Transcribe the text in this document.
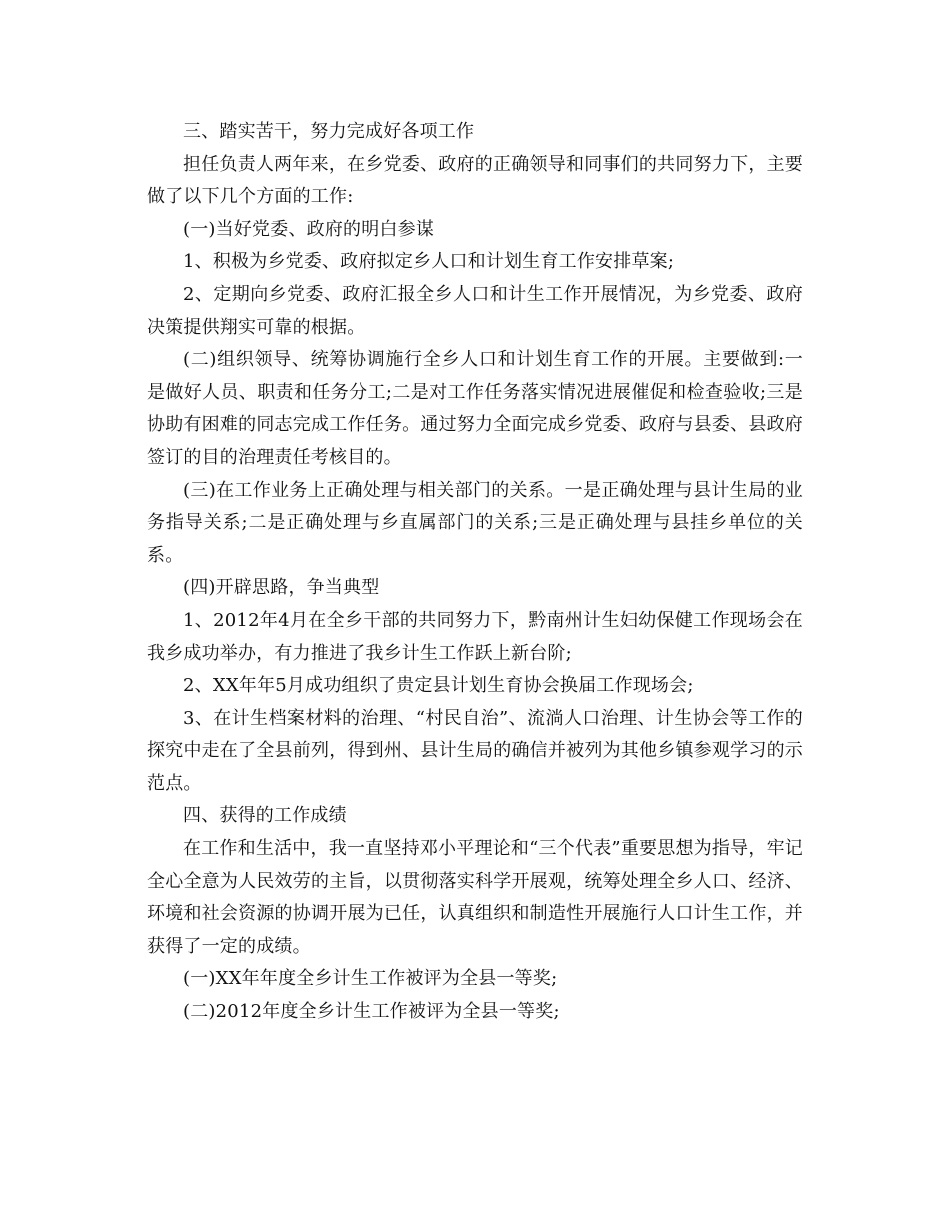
三、踏实苦干，努力完成好各项工作

担任负责人两年来，在乡党委、政府的正确领导和同事们的共同努力下，主要做了以下几个方面的工作:

(一)当好党委、政府的明白参谋

1、积极为乡党委、政府拟定乡人口和计划生育工作安排草案;

2、定期向乡党委、政府汇报全乡人口和计生工作开展情况，为乡党委、政府决策提供翔实可靠的根据。

(二)组织领导、统筹协调施行全乡人口和计划生育工作的开展。主要做到:一是做好人员、职责和任务分工;二是对工作任务落实情况进展催促和检查验收;三是协助有困难的同志完成工作任务。通过努力全面完成乡党委、政府与县委、县政府签订的目的治理责任考核目的。

(三)在工作业务上正确处理与相关部门的关系。一是正确处理与县计生局的业务指导关系;二是正确处理与乡直属部门的关系;三是正确处理与县挂乡单位的关系。

(四)开辟思路，争当典型

1、2012年4月在全乡干部的共同努力下，黔南州计生妇幼保健工作现场会在我乡成功举办，有力推进了我乡计生工作跃上新台阶;

2、XX年年5月成功组织了贵定县计划生育协会换届工作现场会;

3、在计生档案材料的治理、“村民自治”、流淌人口治理、计生协会等工作的探究中走在了全县前列，得到州、县计生局的确信并被列为其他乡镇参观学习的示范点。

四、获得的工作成绩

在工作和生活中，我一直坚持邓小平理论和“三个代表”重要思想为指导，牢记全心全意为人民效劳的主旨，以贯彻落实科学开展观，统筹处理全乡人口、经济、环境和社会资源的协调开展为已任，认真组织和制造性开展施行人口计生工作，并获得了一定的成绩。

(一)XX年年度全乡计生工作被评为全县一等奖;

(二)2012年度全乡计生工作被评为全县一等奖;
